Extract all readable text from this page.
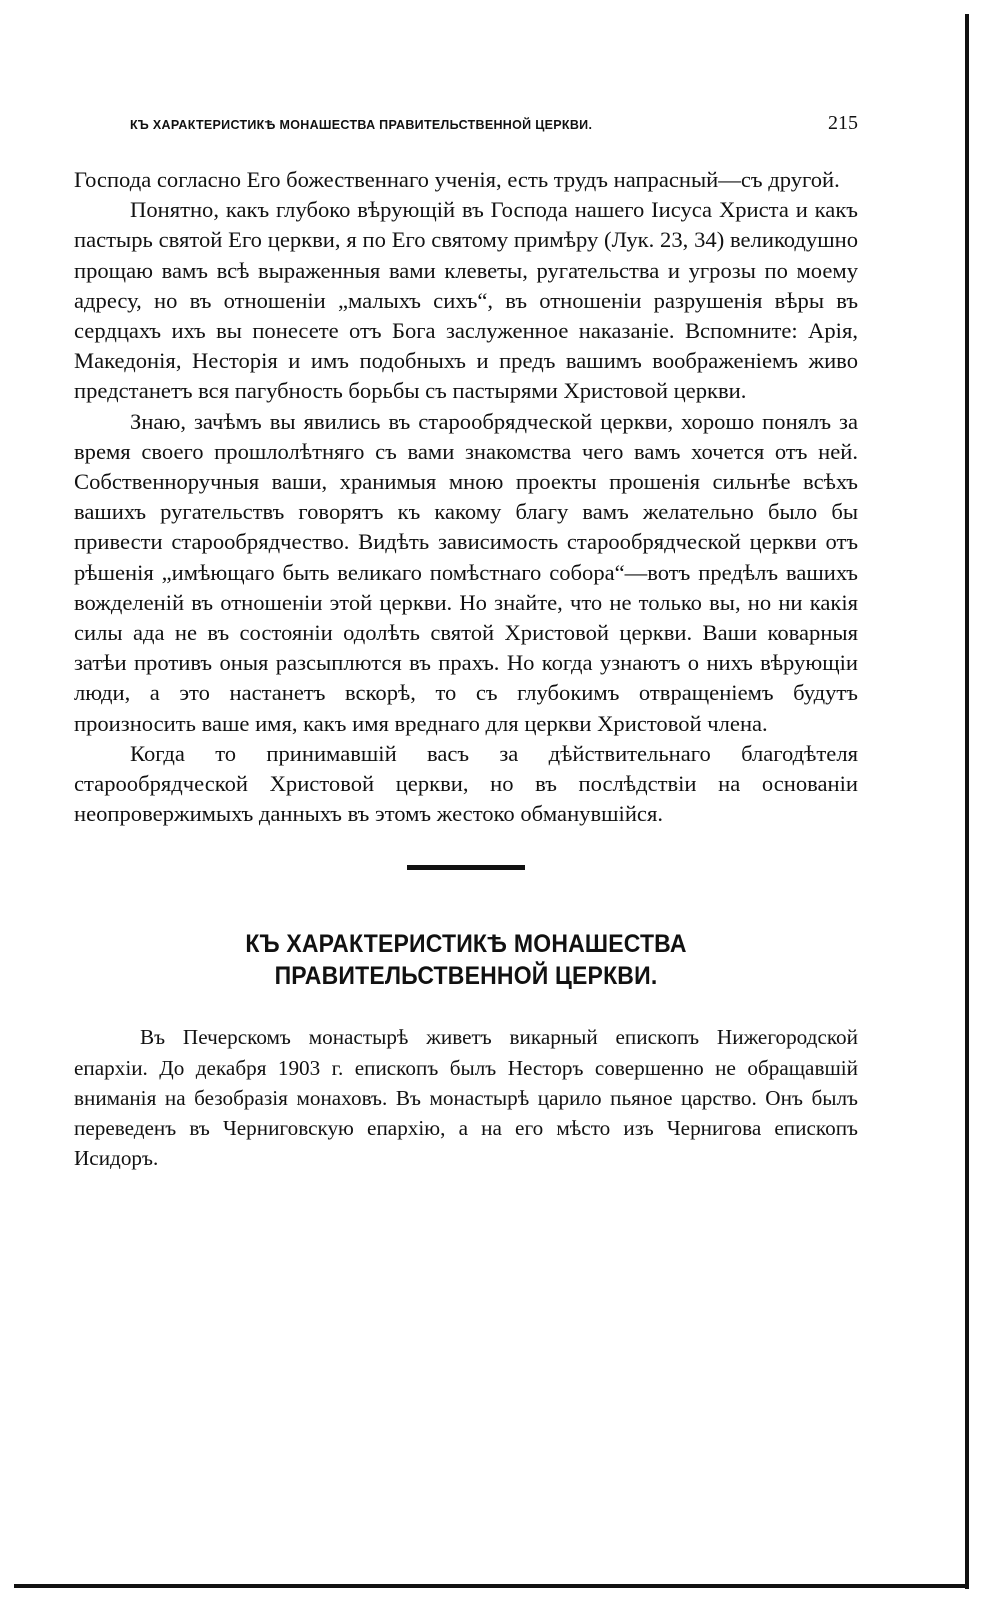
КЪ ХАРАКТЕРИСТИКѢ МОНАШЕСТВА ПРАВИТЕЛЬСТВЕННОЙ ЦЕРКВИ.	215

Господа согласно Его божественнаго ученія, есть трудъ напрасный—съ другой.

Понятно, какъ глубоко вѣрующій въ Господа нашего Іисуса Христа и какъ пастырь святой Его церкви, я по Его святому примѣру (Лук. 23, 34) великодушно прощаю вамъ всѣ выраженныя вами клеветы, ругательства и угрозы по моему адресу, но въ отношеніи „малыхъ сихъ“, въ отношеніи разрушенія вѣры въ сердцахъ ихъ вы понесете отъ Бога заслуженное наказаніе. Вспомните: Арія, Македонія, Несторія и имъ подобныхъ и предъ вашимъ воображеніемъ живо предстанетъ вся пагубность борьбы съ пастырями Христовой церкви.

Знаю, зачѣмъ вы явились въ старообрядческой церкви, хорошо понялъ за время своего прошлолѣтняго съ вами знакомства чего вамъ хочется отъ ней. Собственноручныя ваши, хранимыя мною проекты прошенія сильнѣе всѣхъ вашихъ ругательствъ говорятъ къ какому благу вамъ желательно было бы привести старообрядчество. Видѣть зависимость старообрядческой церкви отъ рѣшенія „имѣющаго быть великаго помѣстнаго собора“—вотъ предѣлъ вашихъ вожделеній въ отношеніи этой церкви. Но знайте, что не только вы, но ни какія силы ада не въ состояніи одолѣть святой Христовой церкви. Ваши коварныя затѣи противъ оныя разсыплются въ прахъ. Но когда узнаютъ о нихъ вѣрующіи люди, а это настанетъ вскорѣ, то съ глубокимъ отвращеніемъ будутъ произносить ваше имя, какъ имя вреднаго для церкви Христовой члена.

Когда то принимавшій васъ за дѣйствительнаго благодѣтеля старообрядческой Христовой церкви, но въ послѣдствіи на основаніи неопровержимыхъ данныхъ въ этомъ жестоко обманувшійся.

КЪ ХАРАКТЕРИСТИКѢ МОНАШЕСТВА ПРАВИТЕЛЬСТВЕННОЙ ЦЕРКВИ.

Въ Печерскомъ монастырѣ живетъ викарный епископъ Нижегородской епархіи. До декабря 1903 г. епископъ былъ Несторъ совершенно не обращавшій вниманія на безобразія монаховъ. Въ монастырѣ царило пьяное царство. Онъ былъ переведенъ въ Черниговскую епархію, а на его мѣсто изъ Чернигова епископъ Исидоръ.
